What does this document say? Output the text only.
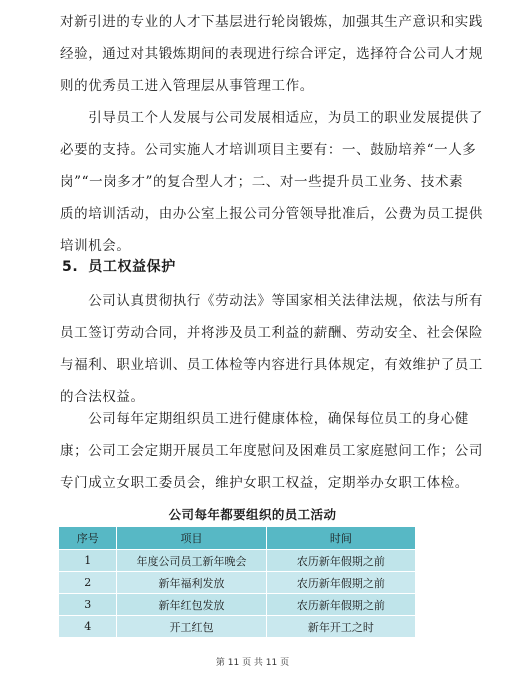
对新引进的专业的人才下基层进行轮岗锻炼，加强其生产意识和实践
经验，通过对其锻炼期间的表现进行综合评定，选择符合公司人才规
则的优秀员工进入管理层从事管理工作。
　　引导员工个人发展与公司发展相适应，为员工的职业发展提供了
必要的支持。公司实施人才培训项目主要有：一、鼓励培养“一人多
岗”“一岗多才”的复合型人才；二、对一些提升员工业务、技术素
质的培训活动，由办公室上报公司分管领导批准后，公费为员工提供
培训机会。
5. 员工权益保护
　　公司认真贯彻执行《劳动法》等国家相关法律法规，依法与所有
员工签订劳动合同，并将涉及员工利益的薪酬、劳动安全、社会保险
与福利、职业培训、员工体检等内容进行具体规定，有效维护了员工
的合法权益。
　　公司每年定期组织员工进行健康体检，确保每位员工的身心健
康；公司工会定期开展员工年度慰问及困难员工家庭慰问工作；公司
专门成立女职工委员会，维护女职工权益，定期举办女职工体检。

公司每年都要组织的员工活动

序号	项目	时间
1	年度公司员工新年晚会	农历新年假期之前
2	新年福利发放	农历新年假期之前
3	新年红包发放	农历新年假期之前
4	开工红包	新年开工之时
第 11 页 共 11 页
